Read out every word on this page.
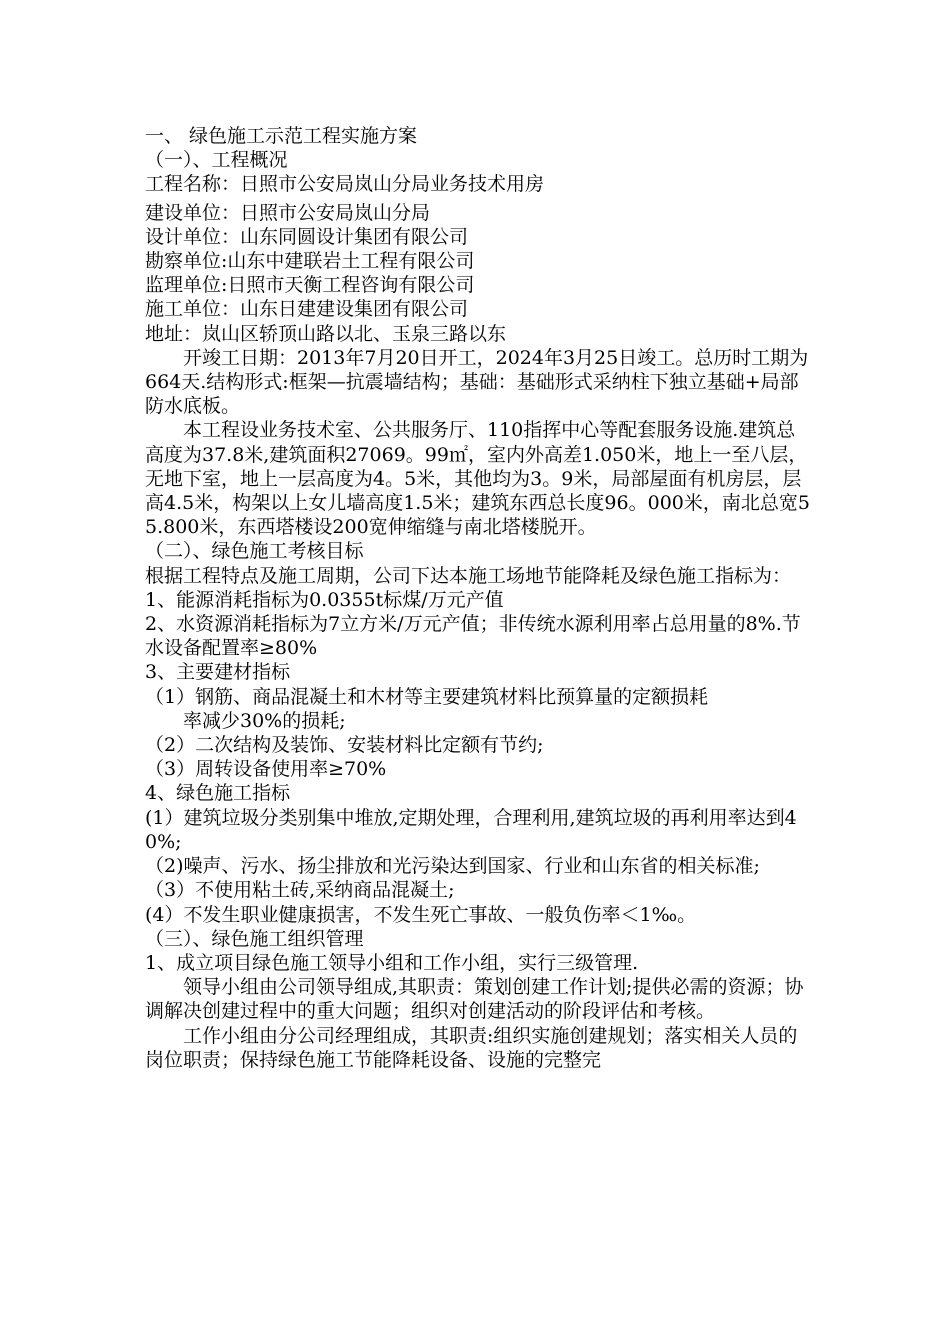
一、 绿色施工示范工程实施方案
（一）、工程概况
工程名称：日照市公安局岚山分局业务技术用房
建设单位：日照市公安局岚山分局
设计单位：山东同圆设计集团有限公司
勘察单位:山东中建联岩土工程有限公司
监理单位:日照市天衡工程咨询有限公司
施工单位：山东日建建设集团有限公司
地址：岚山区轿顶山路以北、玉泉三路以东
开竣工日期：2013年7月20日开工，2024年3月25日竣工。总历时工期为664天.结构形式:框架—抗震墙结构；基础：基础形式采纳柱下独立基础+局部防水底板。
本工程设业务技术室、公共服务厅、110指挥中心等配套服务设施.建筑总高度为37.8米,建筑面积27069。99㎡，室内外高差1.050米，地上一至八层，无地下室，地上一层高度为4。5米，其他均为3。9米，局部屋面有机房层，层高4.5米，构架以上女儿墙高度1.5米；建筑东西总长度96。000米，南北总宽55.800米，东西塔楼设200宽伸缩缝与南北塔楼脱开。
（二）、绿色施工考核目标
根据工程特点及施工周期，公司下达本施工场地节能降耗及绿色施工指标为：
1、能源消耗指标为0.0355t标煤/万元产值
2、水资源消耗指标为7立方米/万元产值；非传统水源利用率占总用量的8%.节水设备配置率≥80%
3、主要建材指标
（1）钢筋、商品混凝土和木材等主要建筑材料比预算量的定额损耗
率减少30%的损耗;
（2）二次结构及装饰、安装材料比定额有节约;
（3）周转设备使用率≥70%
4、绿色施工指标
(1）建筑垃圾分类别集中堆放,定期处理，合理利用,建筑垃圾的再利用率达到40%;
（2)噪声、污水、扬尘排放和光污染达到国家、行业和山东省的相关标准;
（3）不使用粘土砖,采纳商品混凝土;
(4）不发生职业健康损害，不发生死亡事故、一般负伤率＜1‰。
（三）、绿色施工组织管理
1、成立项目绿色施工领导小组和工作小组，实行三级管理.
领导小组由公司领导组成,其职责：策划创建工作计划;提供必需的资源；协调解决创建过程中的重大问题；组织对创建活动的阶段评估和考核。
工作小组由分公司经理组成，其职责:组织实施创建规划；落实相关人员的岗位职责；保持绿色施工节能降耗设备、设施的完整完
